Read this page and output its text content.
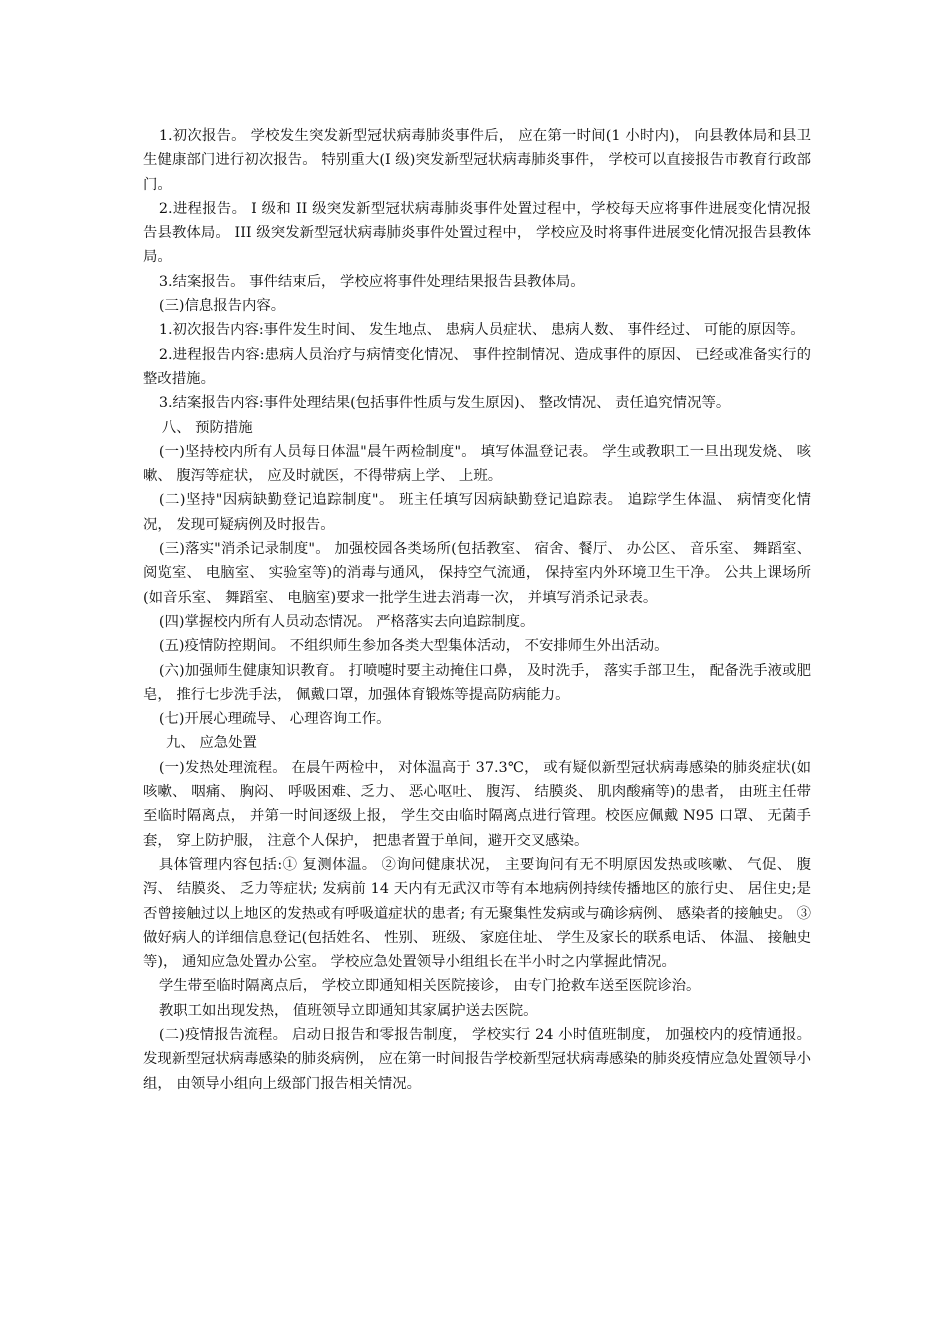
1.初次报告。 学校发生突发新型冠状病毒肺炎事件后， 应在第一时间(1 小时内)， 向县教体局和县卫生健康部门进行初次报告。 特别重大(I 级)突发新型冠状病毒肺炎事件， 学校可以直接报告市教育行政部门。

2.进程报告。 I 级和 II 级突发新型冠状病毒肺炎事件处置过程中，学校每天应将事件进展变化情况报告县教体局。 III 级突发新型冠状病毒肺炎事件处置过程中， 学校应及时将事件进展变化情况报告县教体局。

3.结案报告。 事件结束后， 学校应将事件处理结果报告县教体局。

(三)信息报告内容。

1.初次报告内容:事件发生时间、 发生地点、 患病人员症状、 患病人数、 事件经过、 可能的原因等。

2.进程报告内容:患病人员治疗与病情变化情况、 事件控制情况、造成事件的原因、 已经或准备实行的整改措施。

3.结案报告内容:事件处理结果(包括事件性质与发生原因)、 整改情况、 责任追究情况等。

八、 预防措施

(一)坚持校内所有人员每日体温"晨午两检制度"。 填写体温登记表。 学生或教职工一旦出现发烧、 咳嗽、 腹泻等症状， 应及时就医，不得带病上学、 上班。

(二)坚持"因病缺勤登记追踪制度"。 班主任填写因病缺勤登记追踪表。 追踪学生体温、 病情变化情况， 发现可疑病例及时报告。

(三)落实"消杀记录制度"。 加强校园各类场所(包括教室、 宿舍、餐厅、 办公区、 音乐室、 舞蹈室、 阅览室、 电脑室、 实验室等)的消毒与通风， 保持空气流通， 保持室内外环境卫生干净。 公共上课场所(如音乐室、 舞蹈室、 电脑室)要求一批学生进去消毒一次， 并填写消杀记录表。

(四)掌握校内所有人员动态情况。 严格落实去向追踪制度。

(五)疫情防控期间。 不组织师生参加各类大型集体活动， 不安排师生外出活动。

(六)加强师生健康知识教育。 打喷嚏时要主动掩住口鼻， 及时洗手， 落实手部卫生， 配备洗手液或肥皂， 推行七步洗手法， 佩戴口罩，加强体育锻炼等提高防病能力。

(七)开展心理疏导、 心理咨询工作。

九、 应急处置

(一)发热处理流程。 在晨午两检中， 对体温高于 37.3℃， 或有疑似新型冠状病毒感染的肺炎症状(如咳嗽、 咽痛、 胸闷、 呼吸困难、乏力、 恶心呕吐、 腹泻、 结膜炎、 肌肉酸痛等)的患者， 由班主任带至临时隔离点， 并第一时间逐级上报， 学生交由临时隔离点进行管理。校医应佩戴 N95 口罩、 无菌手套， 穿上防护服， 注意个人保护， 把患者置于单间，避开交叉感染。

具体管理内容包括:① 复测体温。 ②询问健康状况， 主要询问有无不明原因发热或咳嗽、 气促、 腹泻、 结膜炎、 乏力等症状; 发病前 14 天内有无武汉市等有本地病例持续传播地区的旅行史、 居住史;是否曾接触过以上地区的发热或有呼吸道症状的患者; 有无聚集性发病或与确诊病例、 感染者的接触史。 ③做好病人的详细信息登记(包括姓名、 性别、 班级、 家庭住址、 学生及家长的联系电话、 体温、 接触史等)， 通知应急处置办公室。 学校应急处置领导小组组长在半小时之内掌握此情况。

学生带至临时隔离点后， 学校立即通知相关医院接诊， 由专门抢救车送至医院诊治。

教职工如出现发热， 值班领导立即通知其家属护送去医院。

(二)疫情报告流程。 启动日报告和零报告制度， 学校实行 24 小时值班制度， 加强校内的疫情通报。 发现新型冠状病毒感染的肺炎病例， 应在第一时间报告学校新型冠状病毒感染的肺炎疫情应急处置领导小组， 由领导小组向上级部门报告相关情况。
